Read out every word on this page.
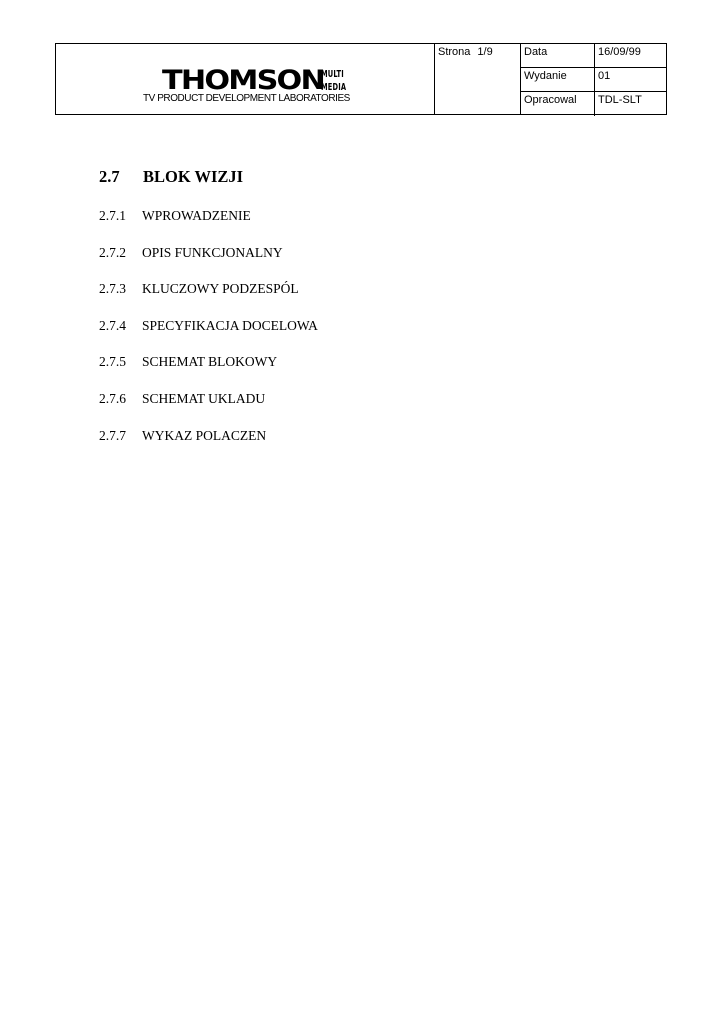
THOMSON
MULTI
MEDIA
TV PRODUCT DEVELOPMENT LABORATORIES
Strona 1/9	Data	16/09/99
Wydanie	01
Opracowal	TDL-SLT
2.7 BLOK WIZJI
2.7.1 WPROWADZENIE
2.7.2 OPIS FUNKCJONALNY
2.7.3 KLUCZOWY PODZESPÓL
2.7.4 SPECYFIKACJA DOCELOWA
2.7.5 SCHEMAT BLOKOWY
2.7.6 SCHEMAT UKLADU
2.7.7 WYKAZ POLACZEN
